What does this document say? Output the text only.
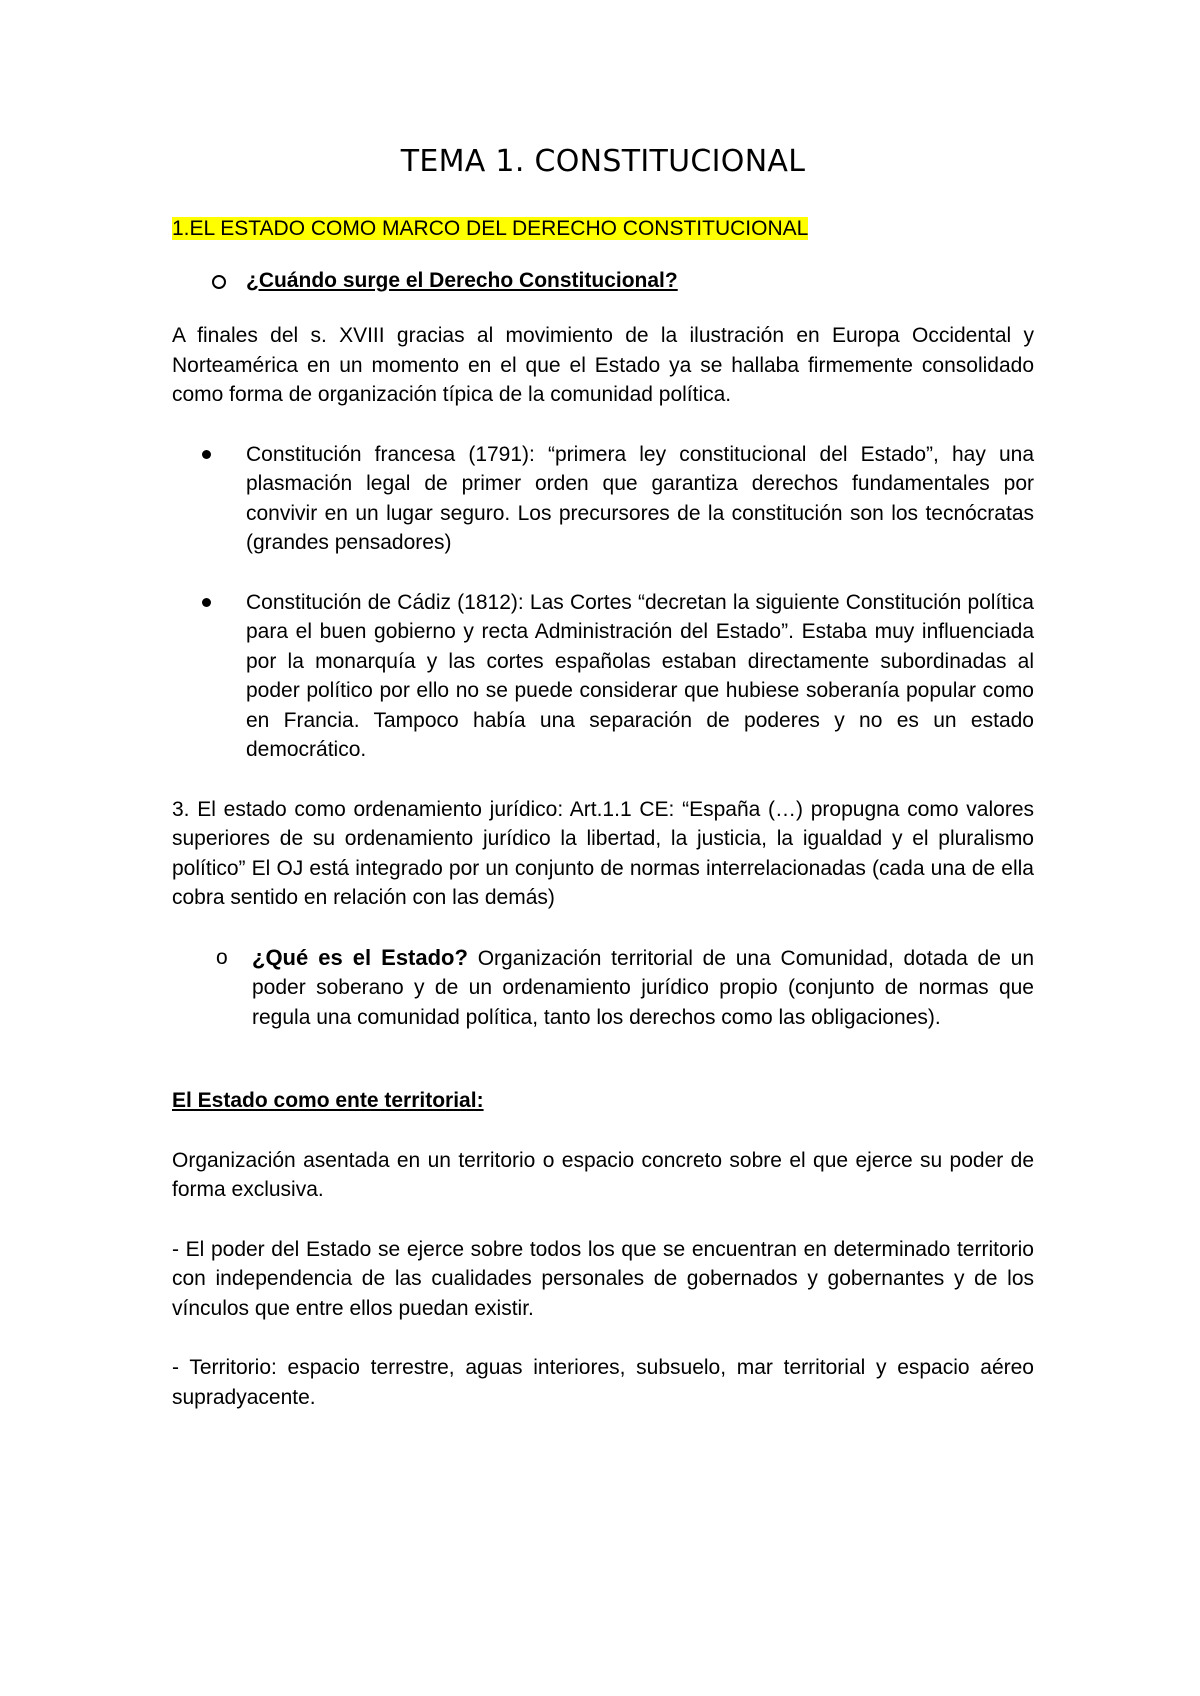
TEMA 1. CONSTITUCIONAL
1.EL ESTADO COMO MARCO DEL DERECHO CONSTITUCIONAL
¿Cuándo surge el Derecho Constitucional?

A finales del s. XVIII gracias al movimiento de la ilustración en Europa Occidental y Norteamérica en un momento en el que el Estado ya se hallaba firmemente consolidado como forma de organización típica de la comunidad política.

Constitución francesa (1791): “primera ley constitucional del Estado”, hay una plasmación legal de primer orden que garantiza derechos fundamentales por convivir en un lugar seguro. Los precursores de la constitución son los tecnócratas (grandes pensadores)
Constitución de Cádiz (1812): Las Cortes “decretan la siguiente Constitución política para el buen gobierno y recta Administración del Estado”. Estaba muy influenciada por la monarquía y las cortes españolas estaban directamente subordinadas al poder político por ello no se puede considerar que hubiese soberanía popular como en Francia. Tampoco había una separación de poderes y no es un estado democrático.

3. El estado como ordenamiento jurídico: Art.1.1 CE: “España (…) propugna como valores superiores de su ordenamiento jurídico la libertad, la justicia, la igualdad y el pluralismo político” El OJ está integrado por un conjunto de normas interrelacionadas (cada una de ella cobra sentido en relación con las demás)

o ¿Qué es el Estado? Organización territorial de una Comunidad, dotada de un poder soberano y de un ordenamiento jurídico propio (conjunto de normas que regula una comunidad política, tanto los derechos como las obligaciones).
El Estado como ente territorial:

Organización asentada en un territorio o espacio concreto sobre el que ejerce su poder de forma exclusiva.

- El poder del Estado se ejerce sobre todos los que se encuentran en determinado territorio con independencia de las cualidades personales de gobernados y gobernantes y de los vínculos que entre ellos puedan existir.

- Territorio: espacio terrestre, aguas interiores, subsuelo, mar territorial y espacio aéreo supradyacente.
